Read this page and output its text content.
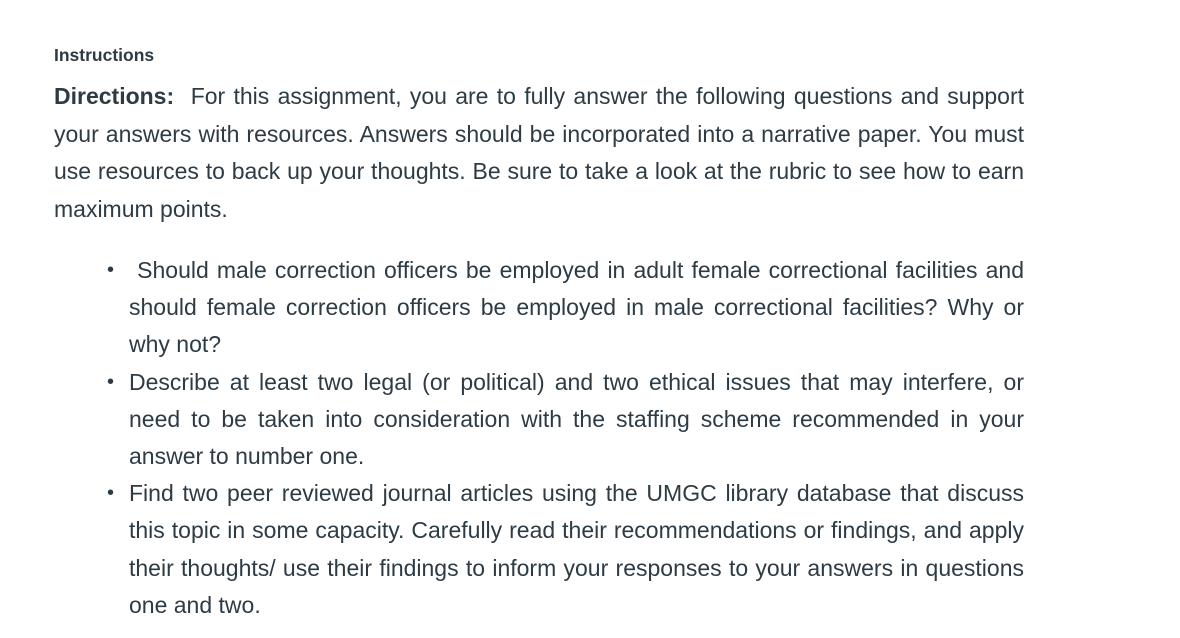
Instructions

Directions: For this assignment, you are to fully answer the following questions and support your answers with resources. Answers should be incorporated into a narrative paper. You must use resources to back up your thoughts. Be sure to take a look at the rubric to see how to earn maximum points.

• Should male correction officers be employed in adult female correctional facilities and should female correction officers be employed in male correctional facilities? Why or why not?
• Describe at least two legal (or political) and two ethical issues that may interfere, or need to be taken into consideration with the staffing scheme recommended in your answer to number one.
• Find two peer reviewed journal articles using the UMGC library database that discuss this topic in some capacity. Carefully read their recommendations or findings, and apply their thoughts/ use their findings to inform your responses to your answers in questions one and two.
